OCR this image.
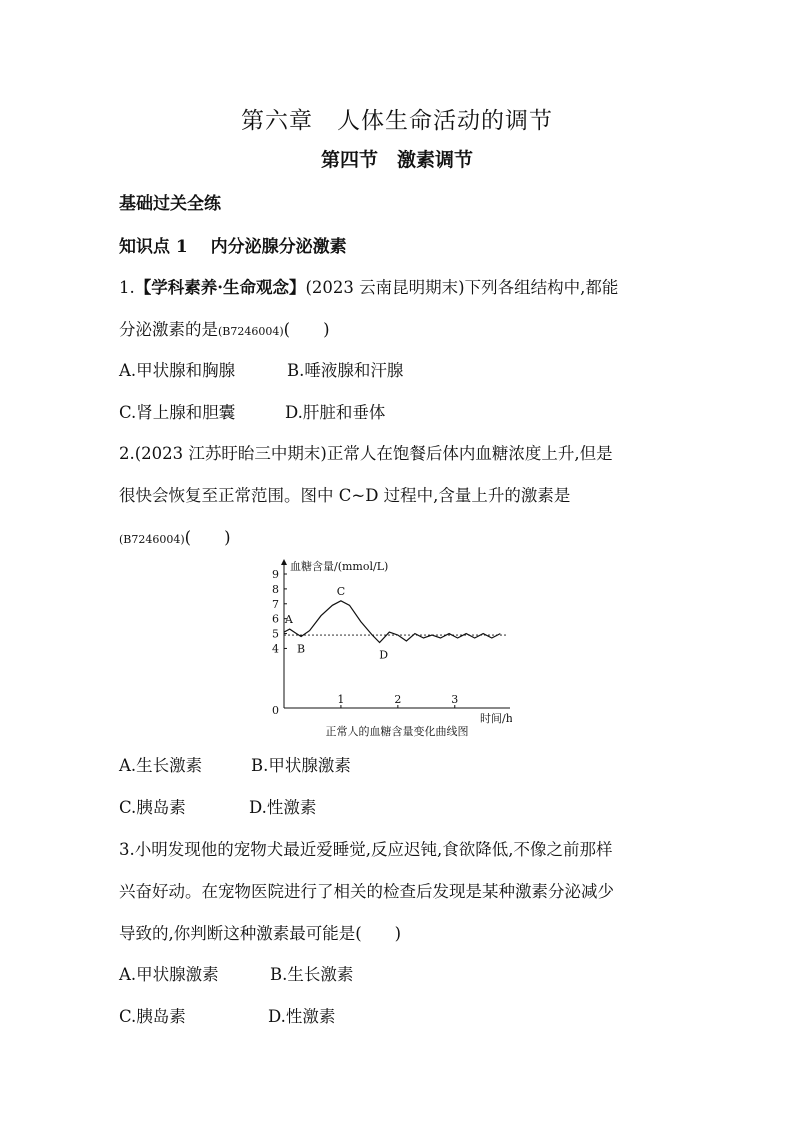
第六章　人体生命活动的调节
第四节　激素调节
基础过关全练
知识点 1　 内分泌腺分泌激素
1.【学科素养·生命观念】(2023 云南昆明期末)下列各组结构中,都能
分泌激素的是(B7246004)(　　)
A.甲状腺和胸腺	B.唾液腺和汗腺
C.肾上腺和胆囊	D.肝脏和垂体
2.(2023 江苏盱眙三中期末)正常人在饱餐后体内血糖浓度上升,但是
很快会恢复至正常范围。图中 C~D 过程中,含量上升的激素是
(B7246004)(　　)
4
5
6
7
8
9
1	2	3
A
B
C
D
血糖含量/(mmol/L)
时间/h
0
正常人的血糖含量变化曲线图
A.生长激素	B.甲状腺激素
C.胰岛素	D.性激素
3.小明发现他的宠物犬最近爱睡觉,反应迟钝,食欲降低,不像之前那样
兴奋好动。在宠物医院进行了相关的检查后发现是某种激素分泌减少
导致的,你判断这种激素最可能是(　　)
A.甲状腺激素	B.生长激素
C.胰岛素	D.性激素
